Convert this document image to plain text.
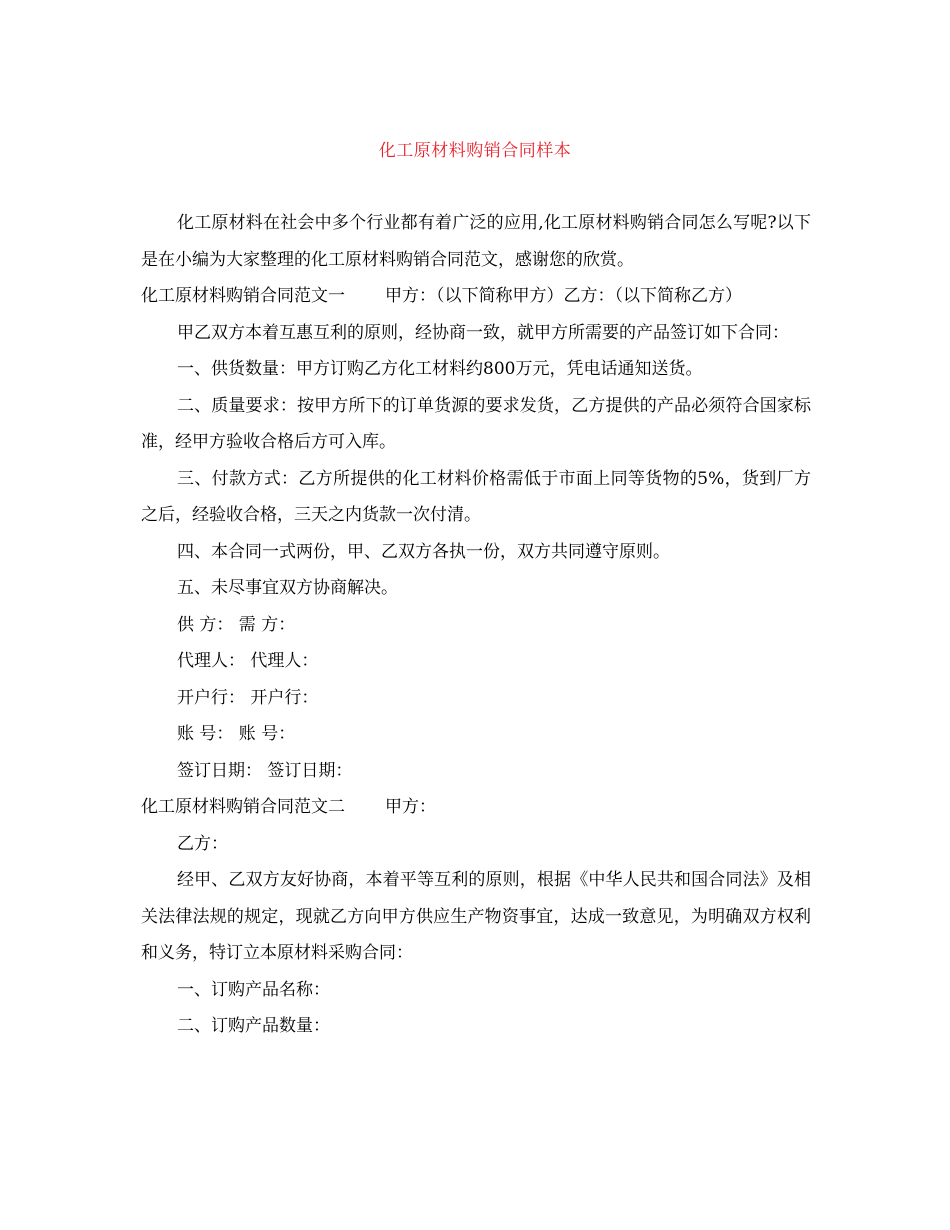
化工原材料购销合同样本

化工原材料在社会中多个行业都有着广泛的应用,化工原材料购销合同怎么写呢?以下是在小编为大家整理的化工原材料购销合同范文，感谢您的欣赏。

化工原材料购销合同范文一 甲方：（以下简称甲方）乙方：（以下简称乙方）

甲乙双方本着互惠互利的原则，经协商一致，就甲方所需要的产品签订如下合同：

一、供货数量：甲方订购乙方化工材料约800万元，凭电话通知送货。

二、质量要求：按甲方所下的订单货源的要求发货，乙方提供的产品必须符合国家标准，经甲方验收合格后方可入库。

三、付款方式：乙方所提供的化工材料价格需低于市面上同等货物的5%，货到厂方之后，经验收合格，三天之内货款一次付清。

四、本合同一式两份，甲、乙双方各执一份，双方共同遵守原则。

五、未尽事宜双方协商解决。

供 方： 需 方：

代理人： 代理人：

开户行： 开户行：

账 号： 账 号：

签订日期： 签订日期：

化工原材料购销合同范文二 甲方：

乙方：

经甲、乙双方友好协商，本着平等互利的原则，根据《中华人民共和国合同法》及相关法律法规的规定，现就乙方向甲方供应生产物资事宜，达成一致意见，为明确双方权利和义务，特订立本原材料采购合同：

一、订购产品名称：

二、订购产品数量：
